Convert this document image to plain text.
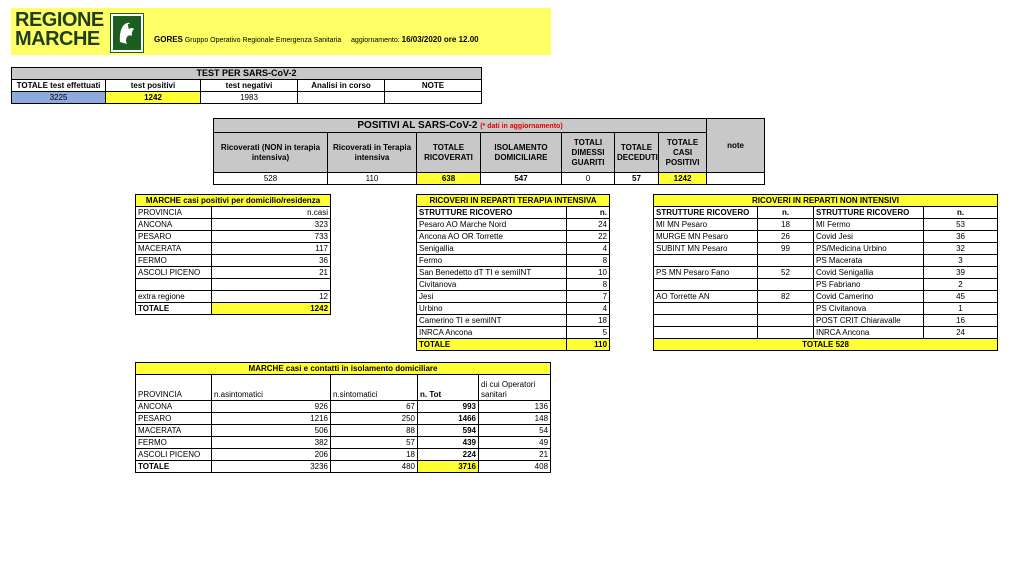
REGIONE
MARCHE	GORES Gruppo Operativo Regionale Emergenza Sanitaria aggiornamento: 16/03/2020 ore 12.00
TEST PER SARS-CoV-2				
TOTALE test effettuati	test positivi	test negativi	Analisi in corso	NOTE
3225	1242	1983		
POSITIVI AL SARS-CoV-2 (* dati in aggiornamento)							note
Ricoverati (NON in terapia intensiva)	Ricoverati in Terapia intensiva	TOTALE RICOVERATI	ISOLAMENTO DOMICILIARE	TOTALI DIMESSI GUARITI	TOTALE DECEDUTI	TOTALE CASI POSITIVI	
528	110	638	547	0	57	1242	
MARCHE casi positivi per domicilio/residenza	
PROVINCIA	n.casi
ANCONA	323
PESARO	733
MACERATA	117
FERMO	36
ASCOLI PICENO	21

extra regione	12
TOTALE	1242
RICOVERI IN REPARTI TERAPIA INTENSIVA	
STRUTTURE RICOVERO	n.
Pesaro AO Marche Nord	24
Ancona AO OR Torrette	22
Senigallia	4
Fermo	8
San Benedetto dT TI e semiINT	10
Civitanova	8
Jesi	7
Urbino	4
Camerino TI e semiINT	18
INRCA Ancona	5
TOTALE	110
RICOVERI IN REPARTI NON INTENSIVI			
STRUTTURE RICOVERO	n.	STRUTTURE RICOVERO	n.
MI MN Pesaro	18	MI Fermo	53
MURGE MN Pesaro	26	Covid Jesi	36
SUBINT MN Pesaro	99	PS/Medicina Urbino	32
		PS Macerata	3
PS MN Pesaro Fano	52	Covid Senigallia	39
		PS Fabriano	2
AO Torrette AN	82	Covid Camerino	45
		PS Civitanova	1
		POST CRIT Chiaravalle	16
		INRCA Ancona	24
TOTALE 528			
MARCHE casi e contatti in isolamento domiciliare				
PROVINCIA	n.asintomatici	n.sintomatici	n. Tot	di cui Operatori sanitari
ANCONA	926	67	993	136
PESARO	1216	250	1466	148
MACERATA	506	88	594	54
FERMO	382	57	439	49
ASCOLI PICENO	206	18	224	21
TOTALE	3236	480	3716	408
